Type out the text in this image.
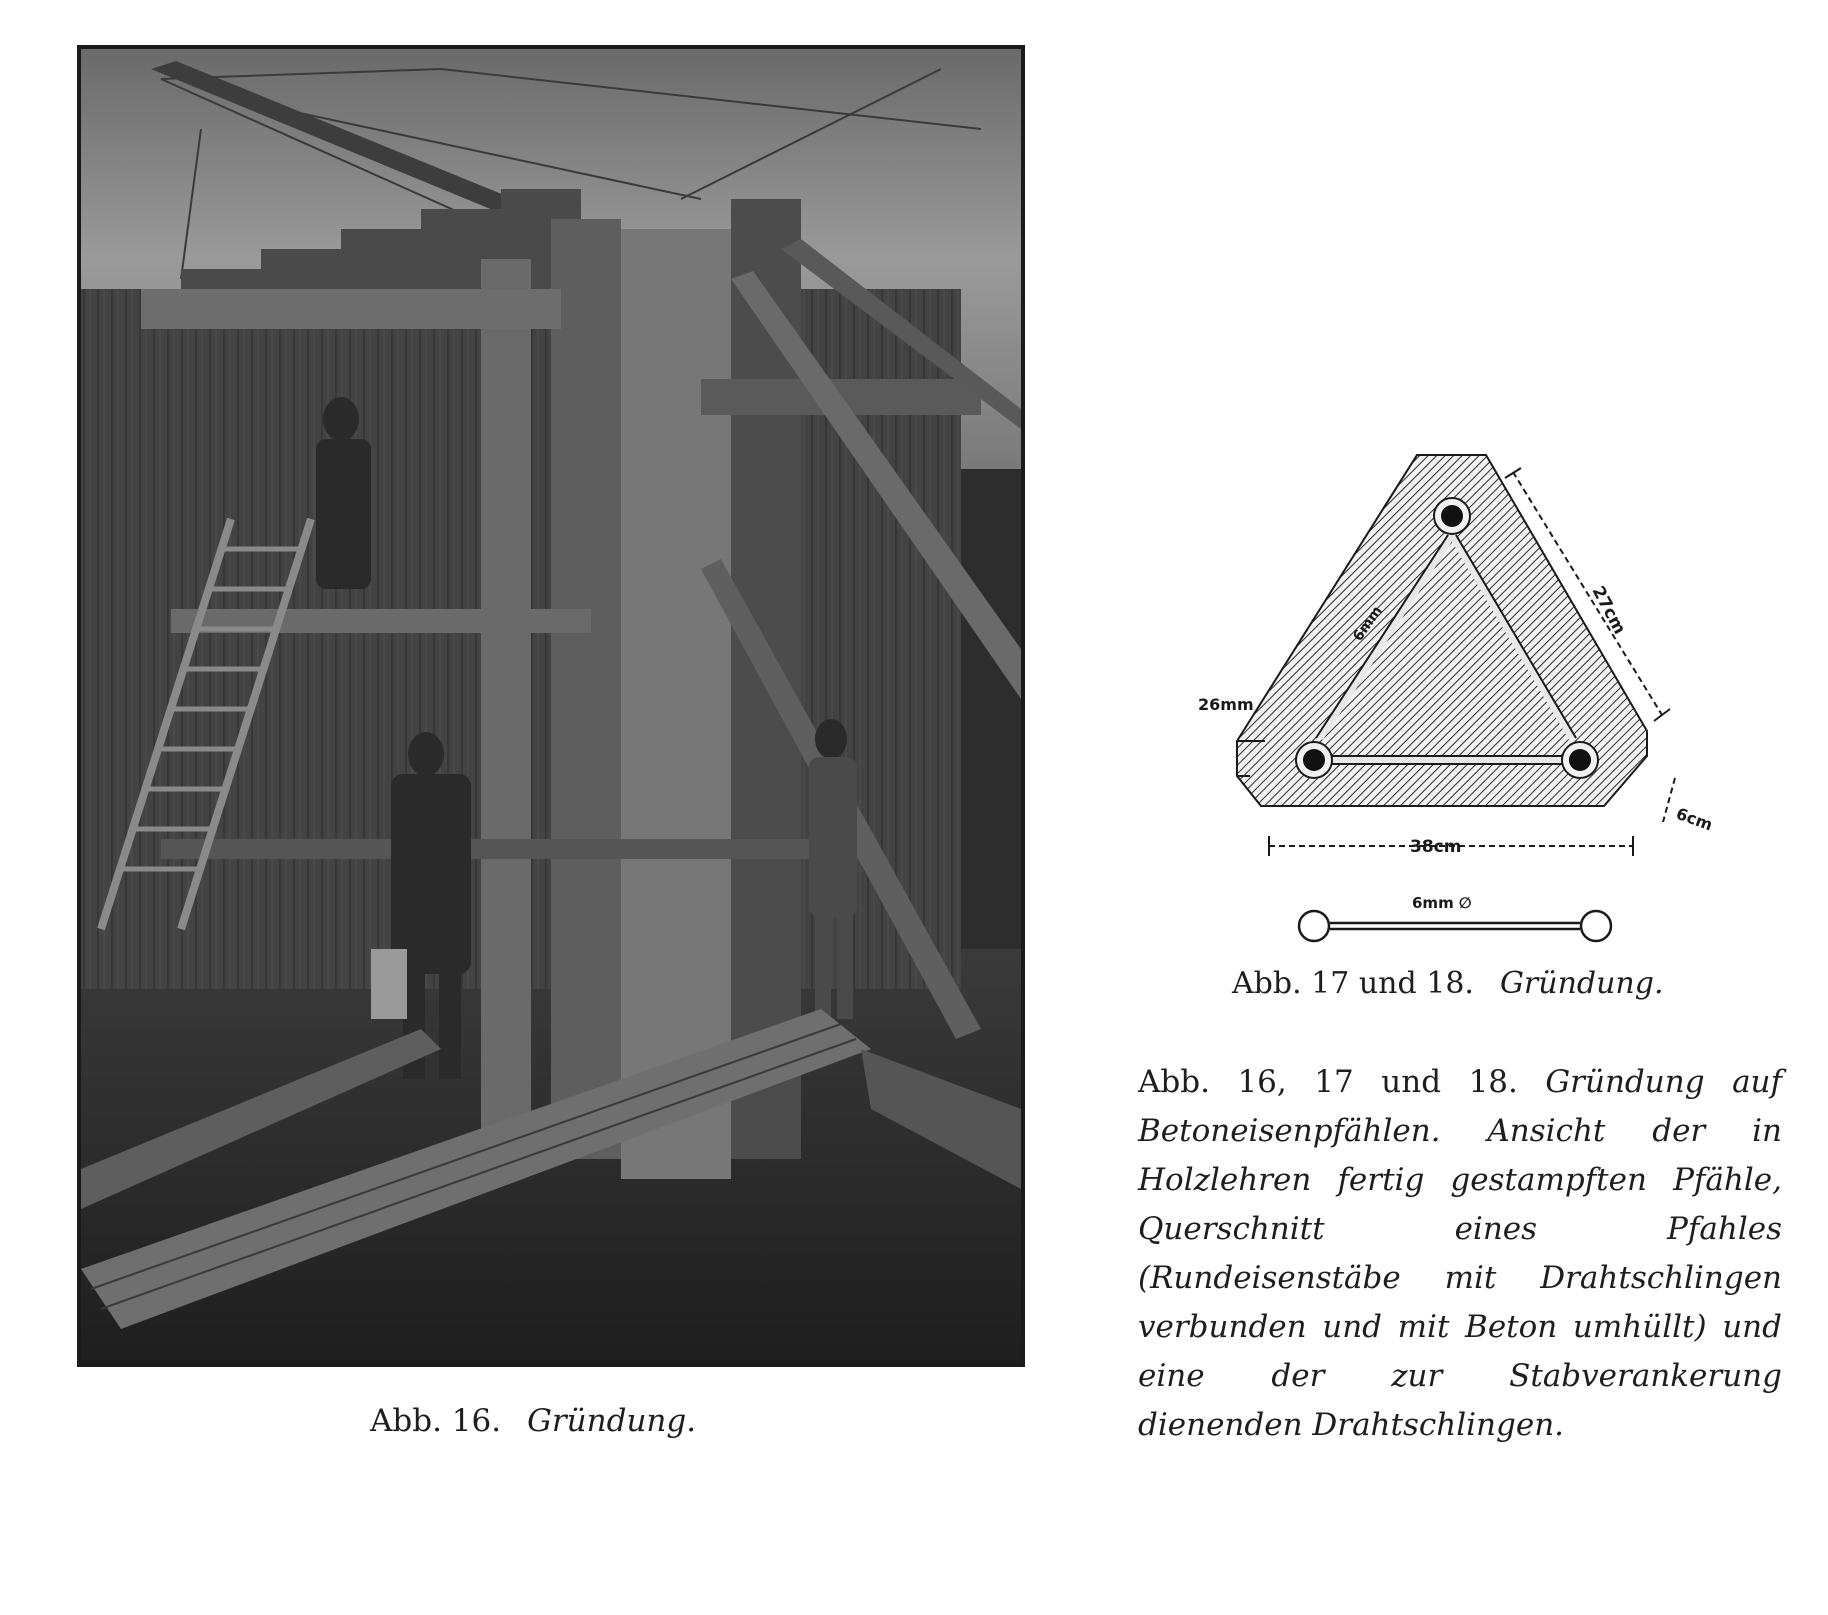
Abb. 16. Gründung.
27cm
38cm
6cm
26mm
6mm
6mm ∅
Abb. 17 und 18. Gründung.
Abb. 16, 17 und 18. Gründung auf Betoneisenpfählen. Ansicht der in Holzlehren fertig gestampften Pfähle, Querschnitt eines Pfahles (Rundeisenstäbe mit Drahtschlingen verbunden und mit Beton umhüllt) und eine der zur Stabverankerung dienenden Drahtschlingen.
